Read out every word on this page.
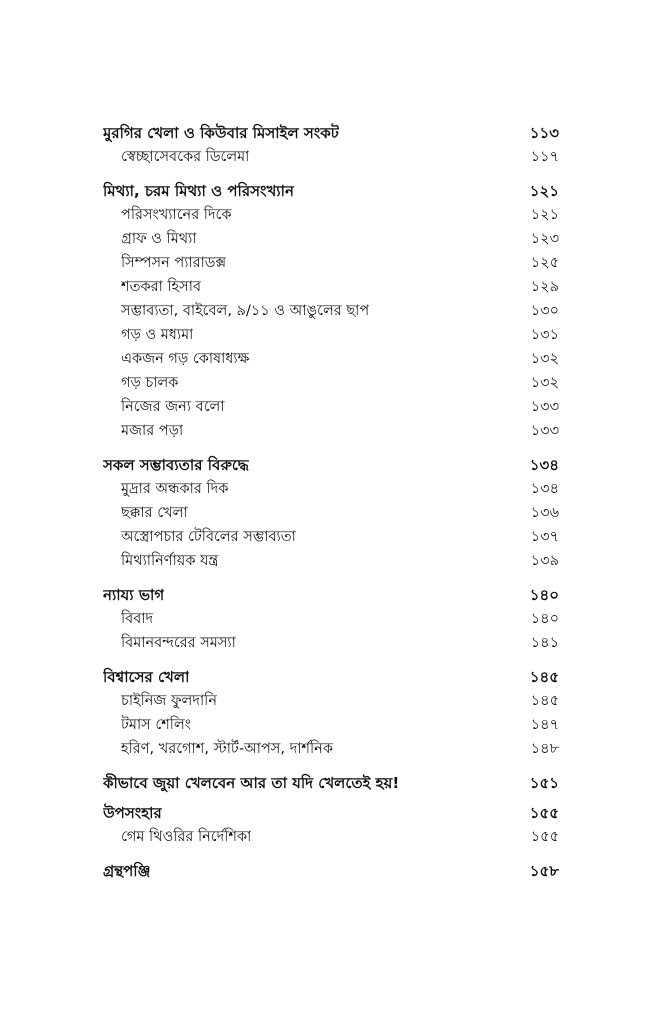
মুরগির খেলা ও কিউবার মিসাইল সংকট	১১৩
স্বেচ্ছাসেবকের ডিলেমা	১১৭
মিথ্যা, চরম মিথ্যা ও পরিসংখ্যান	১২১
পরিসংখ্যানের দিকে	১২১
গ্রাফ ও মিথ্যা	১২৩
সিম্পসন প্যারাডক্স	১২৫
শতকরা হিসাব	১২৯
সম্ভাব্যতা, বাইবেল, ৯/১১ ও আঙুলের ছাপ	১৩০
গড় ও মধ্যমা	১৩১
একজন গড় কোষাধ্যক্ষ	১৩২
গড় চালক	১৩২
নিজের জন্য বলো	১৩৩
মজার পড়া	১৩৩
সকল সম্ভাব্যতার বিরুদ্ধে	১৩৪
মুদ্রার অন্ধকার দিক	১৩৪
ছক্কার খেলা	১৩৬
অস্ত্রোপচার টেবিলের সম্ভাব্যতা	১৩৭
মিথ্যানির্ণায়ক যন্ত্র	১৩৯
ন্যায্য ভাগ	১৪০
বিবাদ	১৪০
বিমানবন্দরের সমস্যা	১৪১
বিশ্বাসের খেলা	১৪৫
চাইনিজ ফুলদানি	১৪৫
টমাস শেলিং	১৪৭
হরিণ, খরগোশ, স্টার্ট-আপস, দার্শনিক	১৪৮
কীভাবে জুয়া খেলবেন আর তা যদি খেলতেই হয়!	১৫১
উপসংহার	১৫৫
গেম থিওরির নির্দেশিকা	১৫৫
গ্রন্থপঞ্জি	১৫৮
